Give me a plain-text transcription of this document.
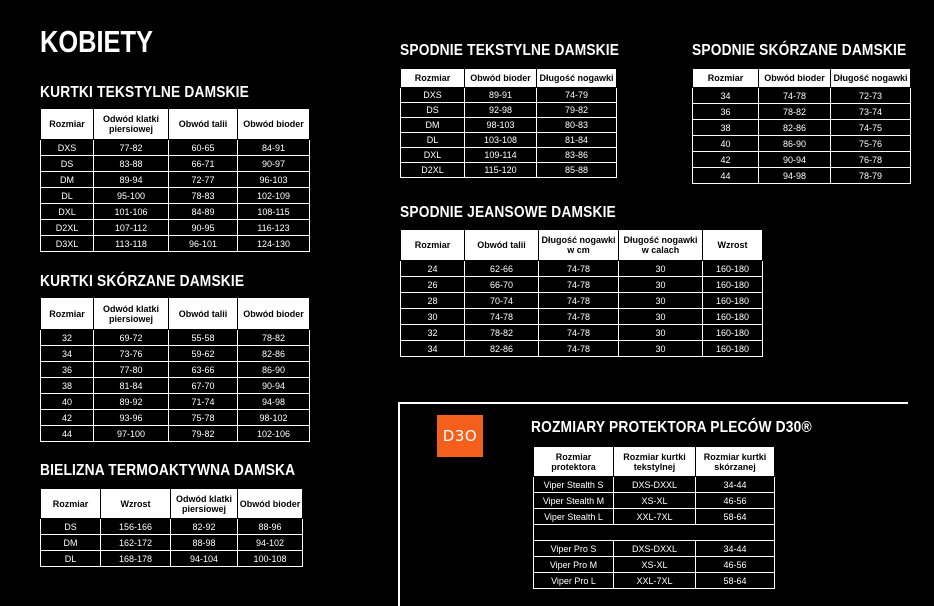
KOBIETY
KURTKI TEKSTYLNE DAMSKIE
Rozmiar	Odwód klatki piersiowej	Obwód talii	Obwód bioder
DXS	77-82	60-65	84-91
DS	83-88	66-71	90-97
DM	89-94	72-77	96-103
DL	95-100	78-83	102-109
DXL	101-106	84-89	108-115
D2XL	107-112	90-95	116-123
D3XL	113-118	96-101	124-130
KURTKI SKÓRZANE DAMSKIE
Rozmiar	Odwód klatki piersiowej	Obwód talii	Obwód bioder
32	69-72	55-58	78-82
34	73-76	59-62	82-86
36	77-80	63-66	86-90
38	81-84	67-70	90-94
40	89-92	71-74	94-98
42	93-96	75-78	98-102
44	97-100	79-82	102-106
BIELIZNA TERMOAKTYWNA DAMSKA
Rozmiar	Wzrost	Odwód klatki piersiowej	Obwód bioder
DS	156-166	82-92	88-96
DM	162-172	88-98	94-102
DL	168-178	94-104	100-108
SPODNIE TEKSTYLNE DAMSKIE
Rozmiar	Obwód bioder	Długość nogawki
DXS	89-91	74-79
DS	92-98	79-82
DM	98-103	80-83
DL	103-108	81-84
DXL	109-114	83-86
D2XL	115-120	85-88
SPODNIE SKÓRZANE DAMSKIE
Rozmiar	Obwód bioder	Długość nogawki
34	74-78	72-73
36	78-82	73-74
38	82-86	74-75
40	86-90	75-76
42	90-94	76-78
44	94-98	78-79
SPODNIE JEANSOWE DAMSKIE
Rozmiar	Obwód talii	Długość nogawki w cm	Długość nogawki w calach	Wzrost
24	62-66	74-78	30	160-180
26	66-70	74-78	30	160-180
28	70-74	74-78	30	160-180
30	74-78	74-78	30	160-180
32	78-82	74-78	30	160-180
34	82-86	74-78	30	160-180
D3O	ROZMIARY PROTEKTORA PLECÓW D30®
Rozmiar protektora	Rozmiar kurtki tekstylnej	Rozmiar kurtki skórzanej
Viper Stealth S	DXS-DXXL	34-44
Viper Stealth M	XS-XL	46-56
Viper Stealth L	XXL-7XL	58-64

Viper Pro S	DXS-DXXL	34-44
Viper Pro M	XS-XL	46-56
Viper Pro L	XXL-7XL	58-64
